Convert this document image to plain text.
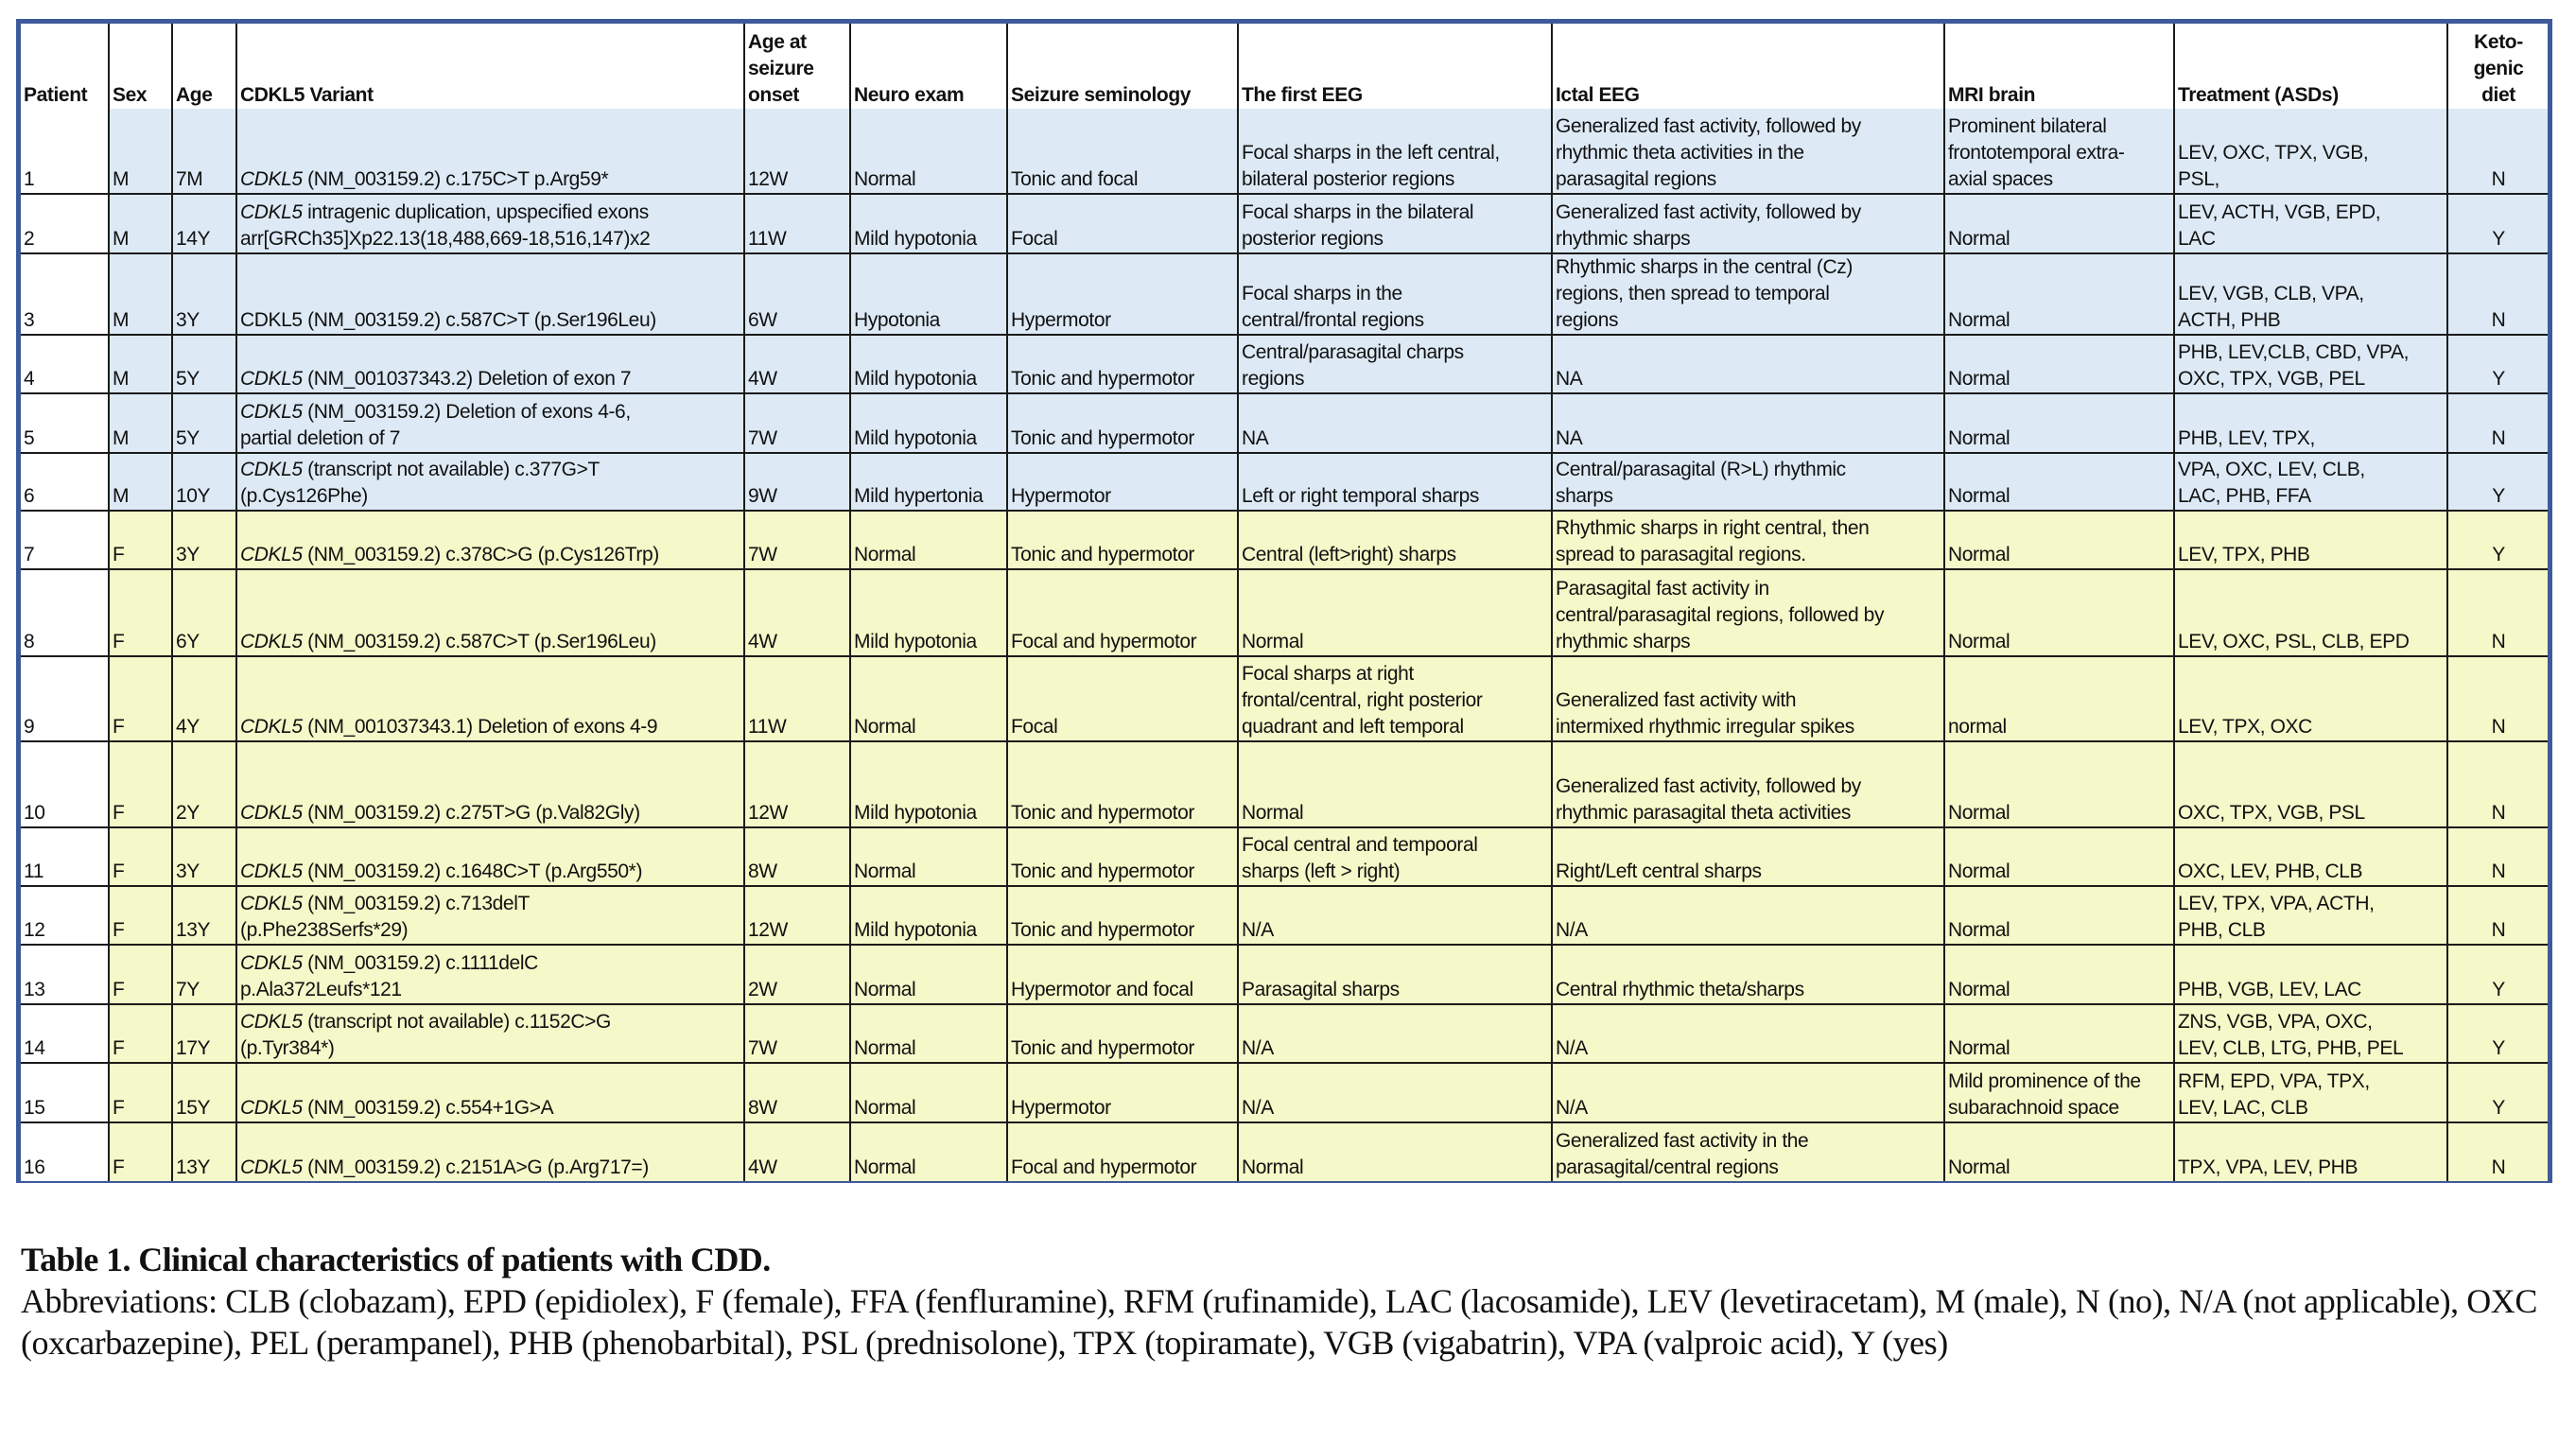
Patient	Sex	Age	CDKL5 Variant	Age at
seizure
onset	Neuro exam	Seizure seminology	The first EEG	Ictal EEG	MRI brain	Treatment (ASDs)	Keto-
genic
diet
1	M	7M	CDKL5 (NM_003159.2) c.175C>T p.Arg59*	12W	Normal	Tonic and focal	Focal sharps in the left central,
bilateral posterior regions	Generalized fast activity, followed by
rhythmic theta activities in the
parasagital regions	Prominent bilateral
frontotemporal extra-
axial spaces	LEV, OXC, TPX, VGB,
PSL,	N
2	M	14Y	CDKL5 intragenic duplication, upspecified exons
arr[GRCh35]Xp22.13(18,488,669-18,516,147)x2	11W	Mild hypotonia	Focal	Focal sharps in the bilateral
posterior regions	Generalized fast activity, followed by
rhythmic sharps	Normal	LEV, ACTH, VGB, EPD,
LAC	Y
3	M	3Y	CDKL5 (NM_003159.2) c.587C>T (p.Ser196Leu)	6W	Hypotonia	Hypermotor	Focal sharps in the
central/frontal regions	Rhythmic sharps in the central (Cz)
regions, then spread to temporal
regions	Normal	LEV, VGB, CLB, VPA,
ACTH, PHB	N
4	M	5Y	CDKL5 (NM_001037343.2) Deletion of exon 7	4W	Mild hypotonia	Tonic and hypermotor	Central/parasagital charps
regions	NA	Normal	PHB, LEV,CLB, CBD, VPA,
OXC, TPX, VGB, PEL	Y
5	M	5Y	CDKL5 (NM_003159.2) Deletion of exons 4-6,
partial deletion of 7	7W	Mild hypotonia	Tonic and hypermotor	NA	NA	Normal	PHB, LEV, TPX,	N
6	M	10Y	CDKL5 (transcript not available) c.377G>T
(p.Cys126Phe)	9W	Mild hypertonia	Hypermotor	Left or right temporal sharps	Central/parasagital (R>L) rhythmic
sharps	Normal	VPA, OXC, LEV, CLB,
LAC, PHB, FFA	Y
7	F	3Y	CDKL5 (NM_003159.2) c.378C>G (p.Cys126Trp)	7W	Normal	Tonic and hypermotor	Central (left>right) sharps	Rhythmic sharps in right central, then
spread to parasagital regions.	Normal	LEV, TPX, PHB	Y
8	F	6Y	CDKL5 (NM_003159.2) c.587C>T (p.Ser196Leu)	4W	Mild hypotonia	Focal and hypermotor	Normal	Parasagital fast activity in
central/parasagital regions, followed by
rhythmic sharps	Normal	LEV, OXC, PSL, CLB, EPD	N
9	F	4Y	CDKL5 (NM_001037343.1) Deletion of exons 4-9	11W	Normal	Focal	Focal sharps at right
frontal/central, right posterior
quadrant and left temporal	Generalized fast activity with
intermixed rhythmic irregular spikes	normal	LEV, TPX, OXC	N
10	F	2Y	CDKL5 (NM_003159.2) c.275T>G (p.Val82Gly)	12W	Mild hypotonia	Tonic and hypermotor	Normal	Generalized fast activity, followed by
rhythmic parasagital theta activities	Normal	OXC, TPX, VGB, PSL	N
11	F	3Y	CDKL5 (NM_003159.2) c.1648C>T (p.Arg550*)	8W	Normal	Tonic and hypermotor	Focal central and tempooral
sharps (left > right)	Right/Left central sharps	Normal	OXC, LEV, PHB, CLB	N
12	F	13Y	CDKL5 (NM_003159.2) c.713delT
(p.Phe238Serfs*29)	12W	Mild hypotonia	Tonic and hypermotor	N/A	N/A	Normal	LEV, TPX, VPA, ACTH,
PHB, CLB	N
13	F	7Y	CDKL5 (NM_003159.2) c.1111delC
p.Ala372Leufs*121	2W	Normal	Hypermotor and focal	Parasagital sharps	Central rhythmic theta/sharps	Normal	PHB, VGB, LEV, LAC	Y
14	F	17Y	CDKL5 (transcript not available) c.1152C>G
(p.Tyr384*)	7W	Normal	Tonic and hypermotor	N/A	N/A	Normal	ZNS, VGB, VPA, OXC,
LEV, CLB, LTG, PHB, PEL	Y
15	F	15Y	CDKL5 (NM_003159.2) c.554+1G>A	8W	Normal	Hypermotor	N/A	N/A	Mild prominence of the
subarachnoid space	RFM, EPD, VPA, TPX,
LEV, LAC, CLB	Y
16	F	13Y	CDKL5 (NM_003159.2) c.2151A>G (p.Arg717=)	4W	Normal	Focal and hypermotor	Normal	Generalized fast activity in the
parasagital/central regions	Normal	TPX, VPA, LEV, PHB	N
Table 1. Clinical characteristics of patients with CDD.
Abbreviations: CLB (clobazam), EPD (epidiolex), F (female), FFA (fenfluramine), RFM (rufinamide), LAC (lacosamide), LEV (levetiracetam), M (male), N (no), N/A (not applicable), OXC (oxcarbazepine), PEL (perampanel), PHB (phenobarbital), PSL (prednisolone), TPX (topiramate), VGB (vigabatrin), VPA (valproic acid), Y (yes)
